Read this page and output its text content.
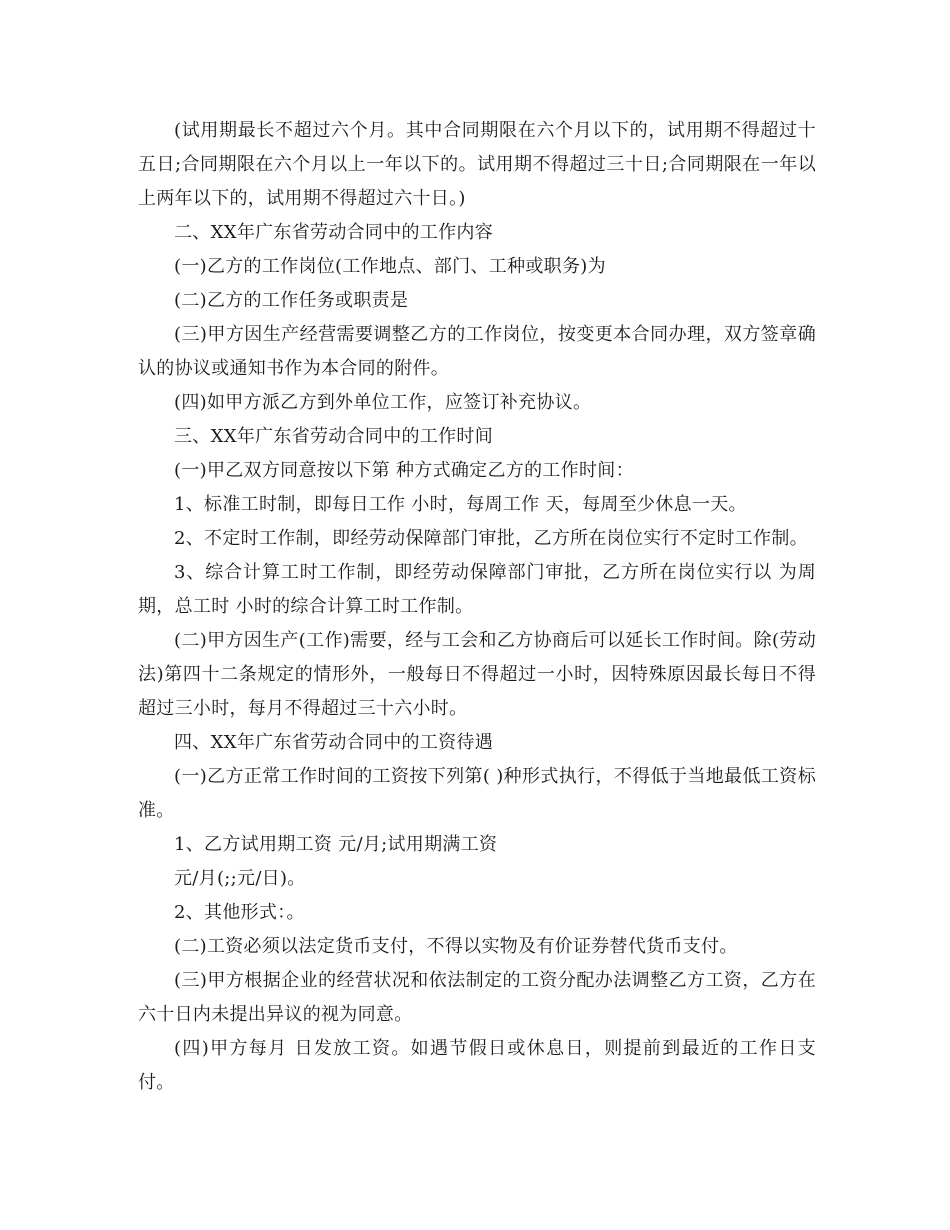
(试用期最长不超过六个月。其中合同期限在六个月以下的，试用期不得超过十五日;合同期限在六个月以上一年以下的。试用期不得超过三十日;合同期限在一年以上两年以下的，试用期不得超过六十日。)

二、XX年广东省劳动合同中的工作内容

(一)乙方的工作岗位(工作地点、部门、工种或职务)为

(二)乙方的工作任务或职责是

(三)甲方因生产经营需要调整乙方的工作岗位，按变更本合同办理，双方签章确认的协议或通知书作为本合同的附件。

(四)如甲方派乙方到外单位工作，应签订补充协议。

三、XX年广东省劳动合同中的工作时间

(一)甲乙双方同意按以下第 种方式确定乙方的工作时间：

1、标准工时制，即每日工作 小时，每周工作 天，每周至少休息一天。

2、不定时工作制，即经劳动保障部门审批，乙方所在岗位实行不定时工作制。

3、综合计算工时工作制，即经劳动保障部门审批，乙方所在岗位实行以 为周期，总工时 小时的综合计算工时工作制。

(二)甲方因生产(工作)需要，经与工会和乙方协商后可以延长工作时间。除(劳动法)第四十二条规定的情形外，一般每日不得超过一小时，因特殊原因最长每日不得超过三小时，每月不得超过三十六小时。

四、XX年广东省劳动合同中的工资待遇

(一)乙方正常工作时间的工资按下列第( )种形式执行，不得低于当地最低工资标准。

1、乙方试用期工资 元/月;试用期满工资

元/月(;;元/日)。

2、其他形式：。

(二)工资必须以法定货币支付，不得以实物及有价证券替代货币支付。

(三)甲方根据企业的经营状况和依法制定的工资分配办法调整乙方工资，乙方在六十日内未提出异议的视为同意。

(四)甲方每月 日发放工资。如遇节假日或休息日，则提前到最近的工作日支付。
